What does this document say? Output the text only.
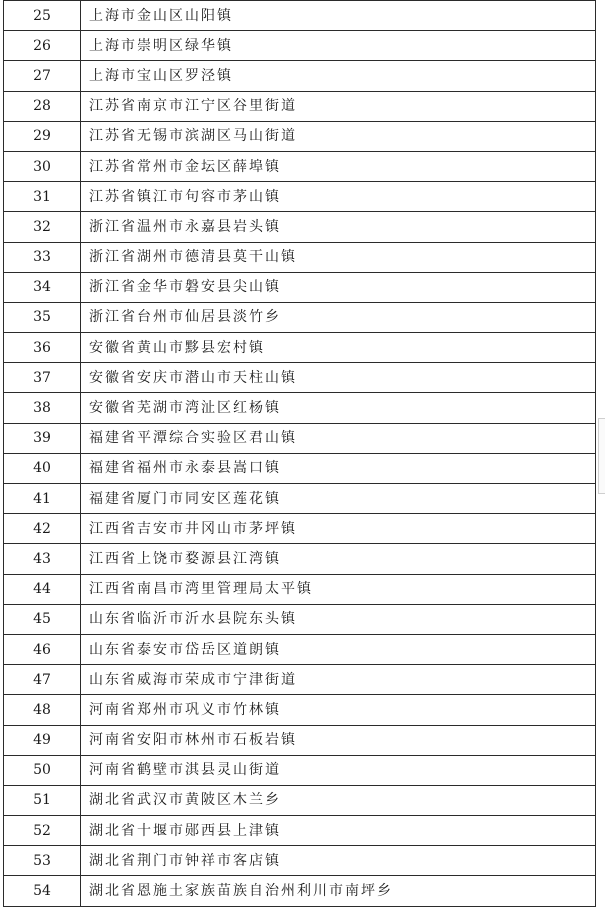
25	上海市金山区山阳镇
26	上海市崇明区绿华镇
27	上海市宝山区罗泾镇
28	江苏省南京市江宁区谷里街道
29	江苏省无锡市滨湖区马山街道
30	江苏省常州市金坛区薛埠镇
31	江苏省镇江市句容市茅山镇
32	浙江省温州市永嘉县岩头镇
33	浙江省湖州市德清县莫干山镇
34	浙江省金华市磐安县尖山镇
35	浙江省台州市仙居县淡竹乡
36	安徽省黄山市黟县宏村镇
37	安徽省安庆市潜山市天柱山镇
38	安徽省芜湖市湾沚区红杨镇
39	福建省平潭综合实验区君山镇
40	福建省福州市永泰县嵩口镇
41	福建省厦门市同安区莲花镇
42	江西省吉安市井冈山市茅坪镇
43	江西省上饶市婺源县江湾镇
44	江西省南昌市湾里管理局太平镇
45	山东省临沂市沂水县院东头镇
46	山东省泰安市岱岳区道朗镇
47	山东省威海市荣成市宁津街道
48	河南省郑州市巩义市竹林镇
49	河南省安阳市林州市石板岩镇
50	河南省鹤壁市淇县灵山街道
51	湖北省武汉市黄陂区木兰乡
52	湖北省十堰市郧西县上津镇
53	湖北省荆门市钟祥市客店镇
54	湖北省恩施土家族苗族自治州利川市南坪乡
